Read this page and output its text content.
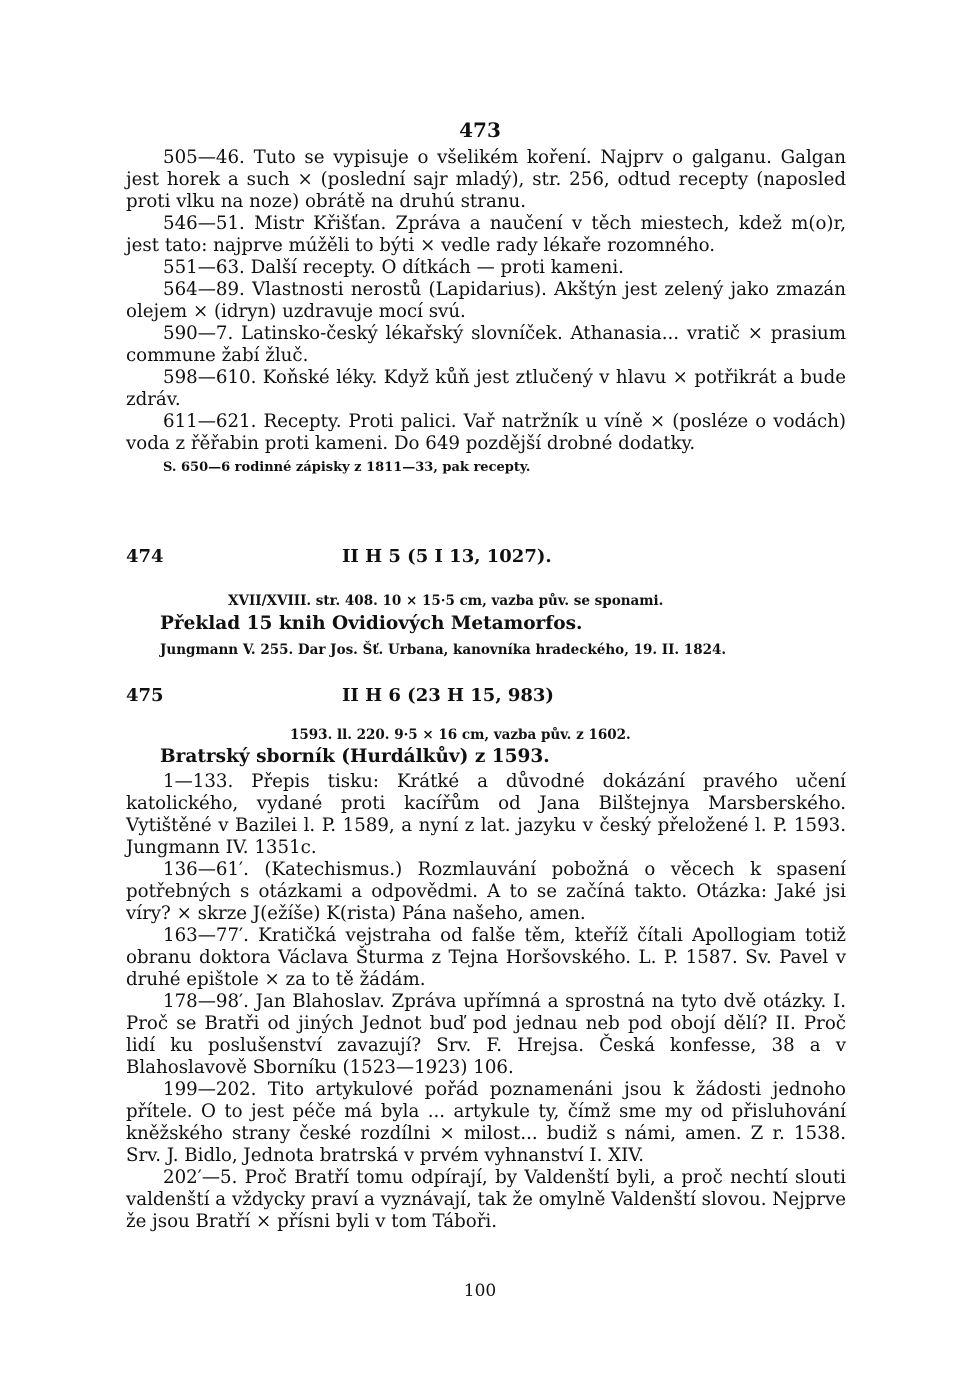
473

505—46. Tuto se vypisuje o všelikém koření. Najprv o galganu. Galgan jest horek a such × (poslední sajr mladý), str. 256, odtud recepty (naposled proti vlku na noze) obrátě na druhú stranu.

546—51. Mistr Křišťan. Zpráva a naučení v těch miestech, kdež m(o)r, jest tato: najprve múžěli to býti × vedle rady lékaře rozomného.

551—63. Další recepty. O dítkách — proti kameni.

564—89. Vlastnosti nerostů (Lapidarius). Akštýn jest zelený jako zmazán olejem × (idryn) uzdravuje mocí svú.

590—7. Latinsko-český lékařský slovníček. Athanasia... vratič × prasium commune žabí žluč.

598—610. Koňské léky. Když kůň jest ztlučený v hlavu × potřikrát a bude zdráv.

611—621. Recepty. Proti palici. Vař natržník u víně × (posléze o vodách) voda z řěřabin proti kameni. Do 649 pozdější drobné dodatky.

S. 650—6 rodinné zápisky z 1811—33, pak recepty.

474	II H 5 (5 I 13, 1027).
XVII/XVIII. str. 408. 10 × 15·5 cm, vazba pův. se sponami.
Překlad 15 knih Ovidiových Metamorfos.
Jungmann V. 255. Dar Jos. Šť. Urbana, kanovníka hradeckého, 19. II. 1824.
475	II H 6 (23 H 15, 983)
1593. ll. 220. 9·5 × 16 cm, vazba pův. z 1602.
Bratrský sborník (Hurdálkův) z 1593.

1—133. Přepis tisku: Krátké a důvodné dokázání pravého učení katolického, vydané proti kacířům od Jana Bilštejnya Marsberského. Vytištěné v Bazilei l. P. 1589, a nyní z lat. jazyku v český přeložené l. P. 1593. Jungmann IV. 1351c.

136—61′. (Katechismus.) Rozmlauvání pobožná o věcech k spasení potřebných s otázkami a odpovědmi. A to se začíná takto. Otázka: Jaké jsi víry? × skrze J(ežíše) K(rista) Pána našeho, amen.

163—77′. Kratičká vejstraha od falše těm, kteříž čítali Apollogiam totiž obranu doktora Václava Šturma z Tejna Horšovského. L. P. 1587. Sv. Pavel v druhé epištole × za to tě žádám.

178—98′. Jan Blahoslav. Zpráva upřímná a sprostná na tyto dvě otázky. I. Proč se Bratři od jiných Jednot buď pod jednau neb pod obojí dělí? II. Proč lidí ku poslušenství zavazují? Srv. F. Hrejsa. Česká konfesse, 38 a v Blahoslavově Sborníku (1523—1923) 106.

199—202. Tito artykulové pořád poznamenáni jsou k žádosti jednoho přítele. O to jest péče má byla ... artykule ty, čímž sme my od přisluhování kněžského strany české rozdílni × milost... budiž s námi, amen. Z r. 1538. Srv. J. Bidlo, Jednota bratrská v prvém vyhnanství I. XIV.

202′—5. Proč Bratří tomu odpírají, by Valdenští byli, a proč nechtí slouti valdenští a vždycky praví a vyznávají, tak že omylně Valdenští slovou. Nejprve že jsou Bratří × přísni byli v tom Táboři.

100
